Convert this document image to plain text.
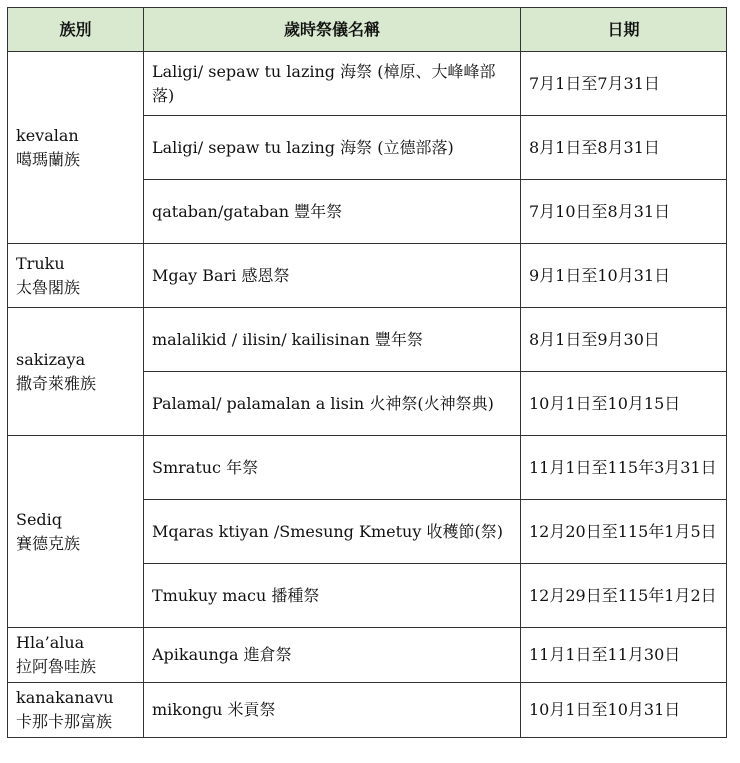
族別	歲時祭儀名稱	日期

kevalan
噶瑪蘭族	Laligi/ sepaw tu lazing 海祭 (樟原、大峰峰部落)	7月1日至7月31日
	Laligi/ sepaw tu lazing 海祭 (立德部落)	8月1日至8月31日
	qataban/gataban 豐年祭	7月10日至8月31日

Truku
太魯閣族	Mgay Bari 感恩祭	9月1日至10月31日

sakizaya
撒奇萊雅族	malalikid / ilisin/ kailisinan 豐年祭	8月1日至9月30日
	Palamal/ palamalan a lisin 火神祭(火神祭典)	10月1日至10月15日

Sediq
賽德克族	Smratuc 年祭	11月1日至115年3月31日
	Mqaras ktiyan /Smesung Kmetuy 收穫節(祭)	12月20日至115年1月5日
	Tmukuy macu 播種祭	12月29日至115年1月2日

Hla’alua
拉阿魯哇族	Apikaunga 進倉祭	11月1日至11月30日

kanakanavu
卡那卡那富族	mikongu 米貢祭	10月1日至10月31日
